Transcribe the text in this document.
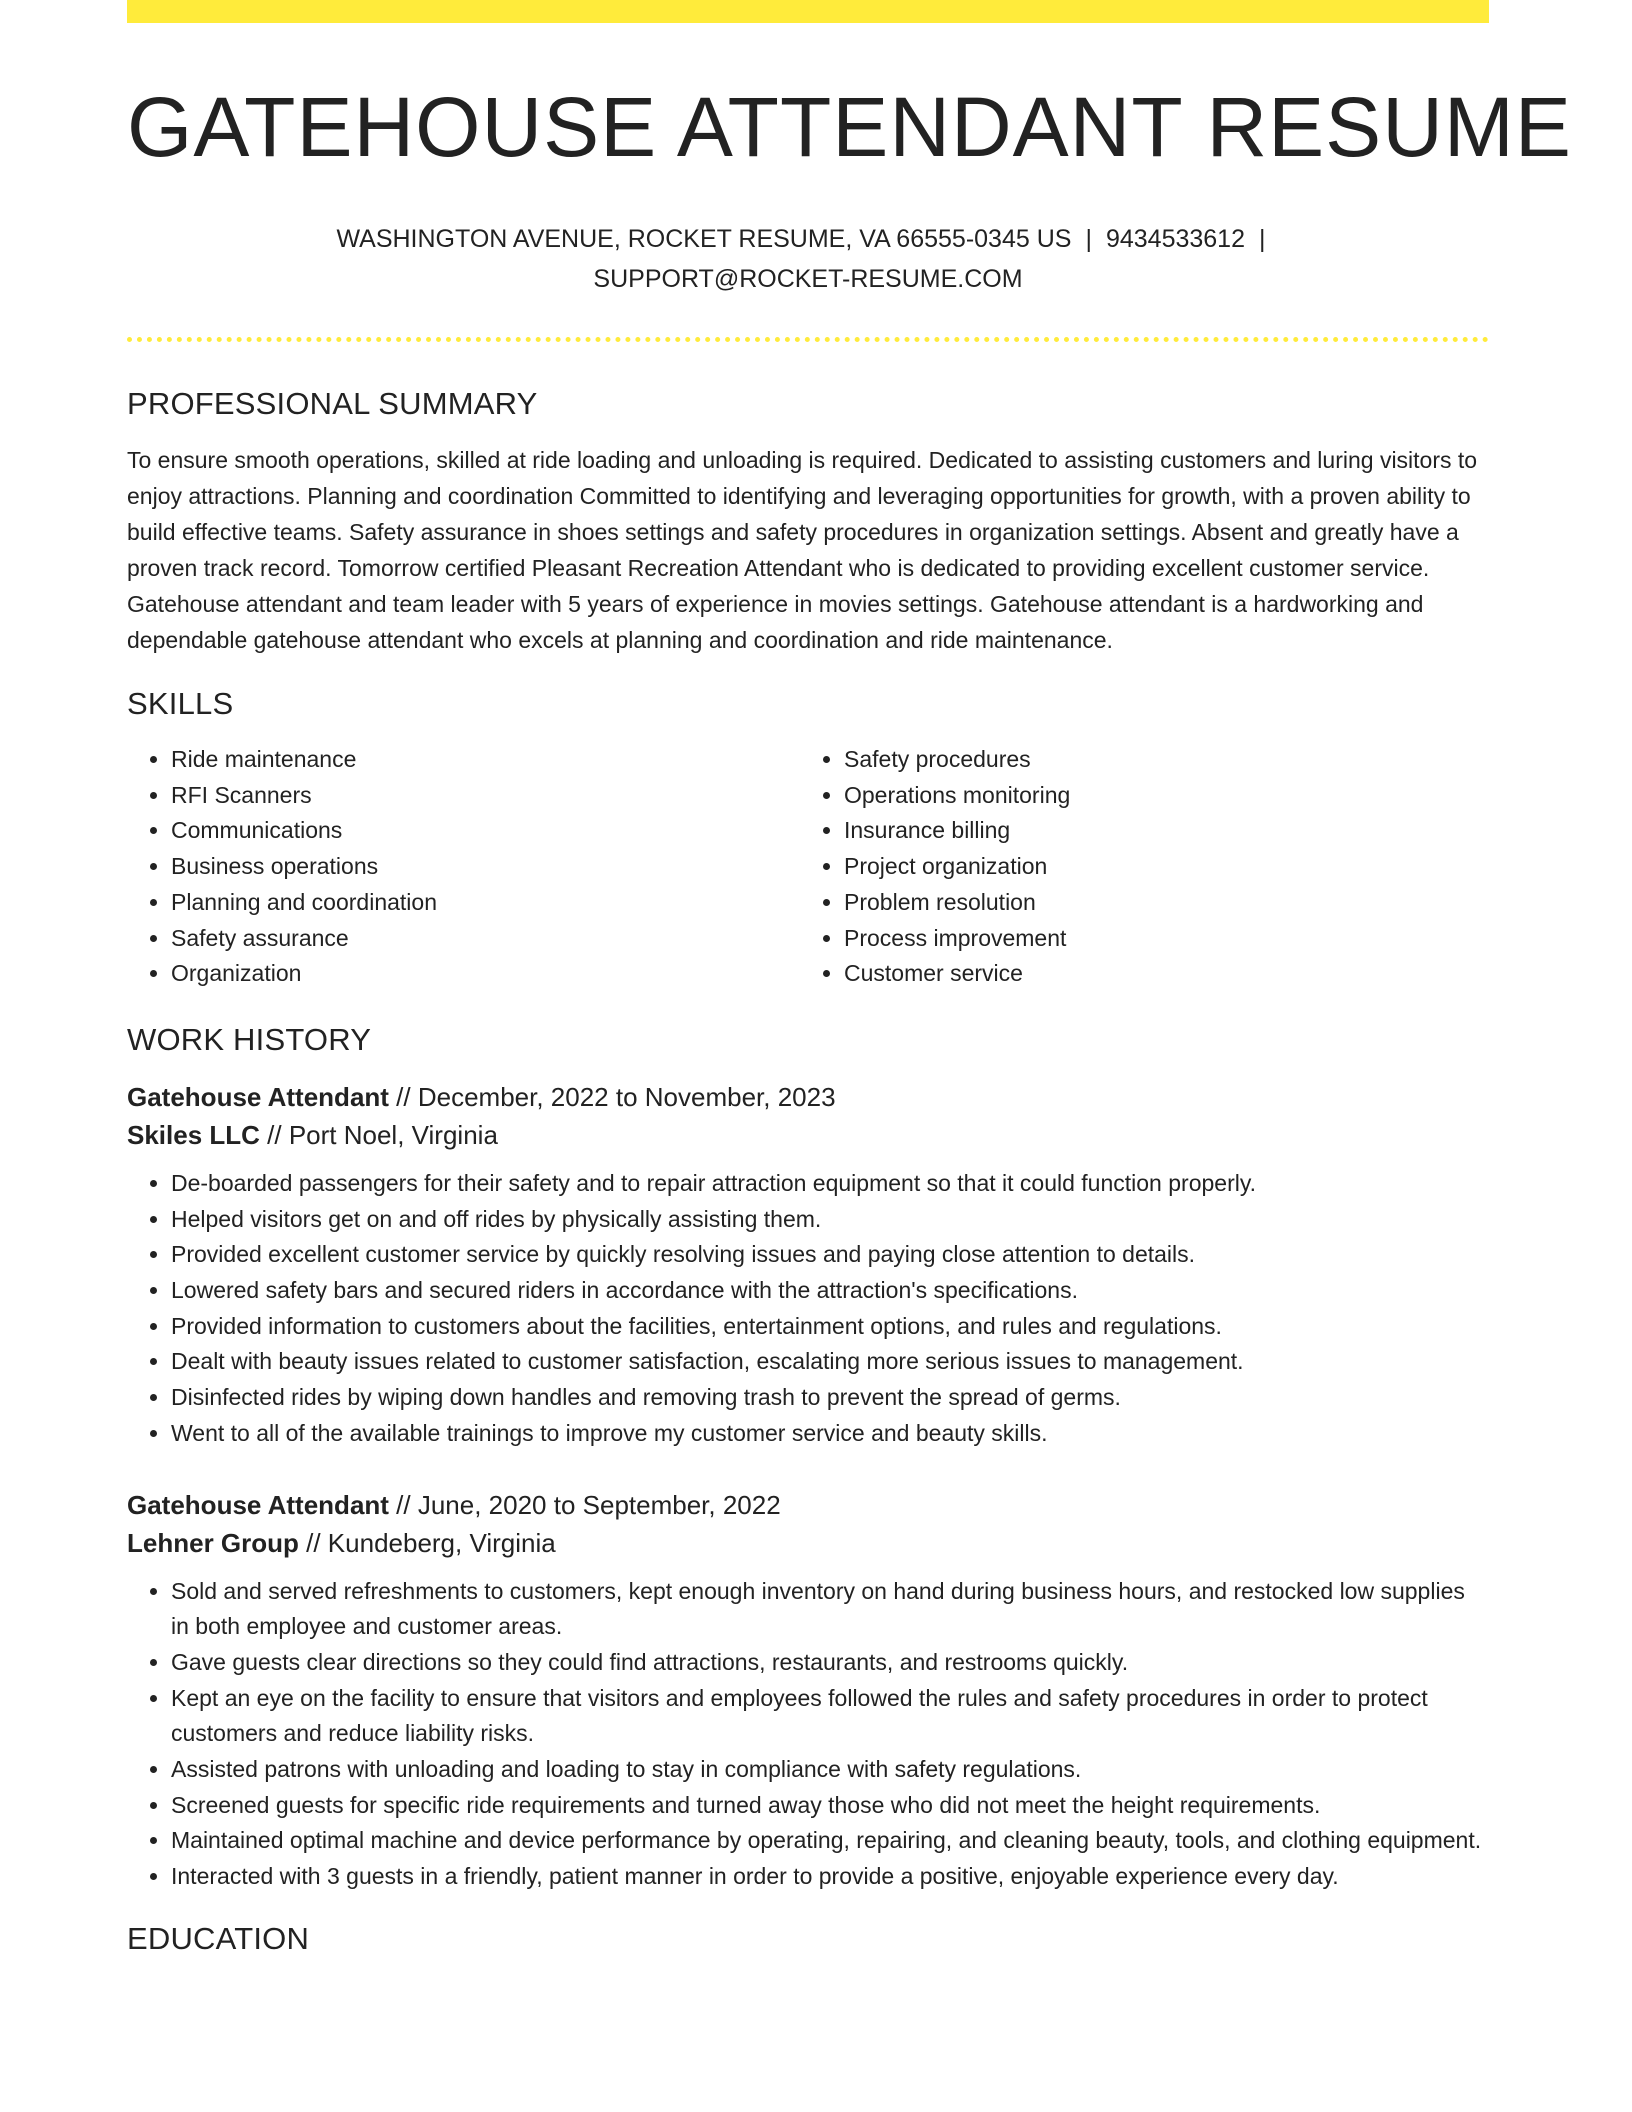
GATEHOUSE ATTENDANT RESUME
WASHINGTON AVENUE, ROCKET RESUME, VA 66555-0345 US | 9434533612 |
SUPPORT@ROCKET-RESUME.COM
PROFESSIONAL SUMMARY

To ensure smooth operations, skilled at ride loading and unloading is required. Dedicated to assisting customers and luring visitors to enjoy attractions. Planning and coordination Committed to identifying and leveraging opportunities for growth, with a proven ability to build effective teams. Safety assurance in shoes settings and safety procedures in organization settings. Absent and greatly have a proven track record. Tomorrow certified Pleasant Recreation Attendant who is dedicated to providing excellent customer service. Gatehouse attendant and team leader with 5 years of experience in movies settings. Gatehouse attendant is a hardworking and dependable gatehouse attendant who excels at planning and coordination and ride maintenance.

SKILLS
• Ride maintenance
• RFI Scanners
• Communications
• Business operations
• Planning and coordination
• Safety assurance
• Organization
• Safety procedures
• Operations monitoring
• Insurance billing
• Project organization
• Problem resolution
• Process improvement
• Customer service
WORK HISTORY
Gatehouse Attendant // December, 2022 to November, 2023
Skiles LLC // Port Noel, Virginia
• De-boarded passengers for their safety and to repair attraction equipment so that it could function properly.
• Helped visitors get on and off rides by physically assisting them.
• Provided excellent customer service by quickly resolving issues and paying close attention to details.
• Lowered safety bars and secured riders in accordance with the attraction's specifications.
• Provided information to customers about the facilities, entertainment options, and rules and regulations.
• Dealt with beauty issues related to customer satisfaction, escalating more serious issues to management.
• Disinfected rides by wiping down handles and removing trash to prevent the spread of germs.
• Went to all of the available trainings to improve my customer service and beauty skills.
Gatehouse Attendant // June, 2020 to September, 2022
Lehner Group // Kundeberg, Virginia
• Sold and served refreshments to customers, kept enough inventory on hand during business hours, and restocked low supplies in both employee and customer areas.
• Gave guests clear directions so they could find attractions, restaurants, and restrooms quickly.
• Kept an eye on the facility to ensure that visitors and employees followed the rules and safety procedures in order to protect customers and reduce liability risks.
• Assisted patrons with unloading and loading to stay in compliance with safety regulations.
• Screened guests for specific ride requirements and turned away those who did not meet the height requirements.
• Maintained optimal machine and device performance by operating, repairing, and cleaning beauty, tools, and clothing equipment.
• Interacted with 3 guests in a friendly, patient manner in order to provide a positive, enjoyable experience every day.
EDUCATION
